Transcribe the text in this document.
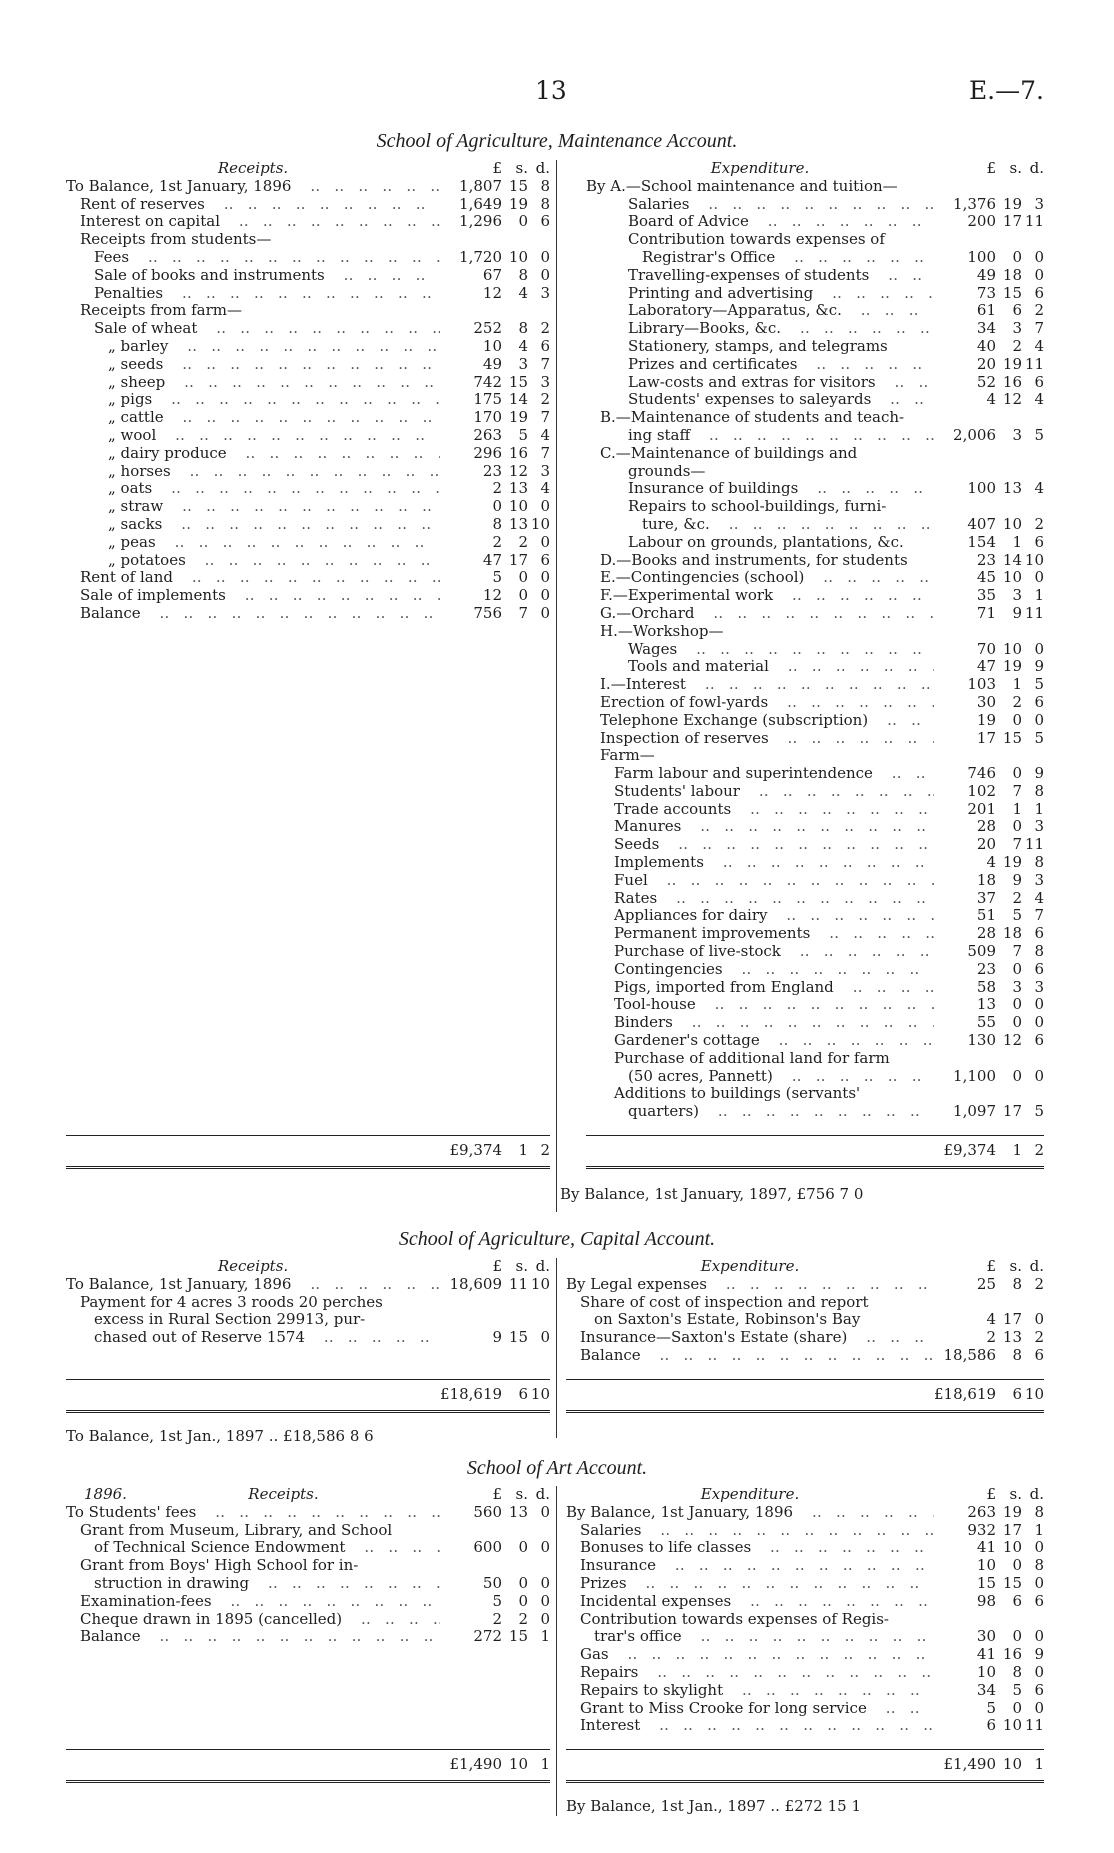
13	E.—7.
School of Agriculture, Maintenance Account.
Receipts.	£ s. d.
To Balance, 1st January, 1896 ‥‥‥‥‥‥‥‥‥‥‥‥‥‥‥	1,807 15 8
Rent of reserves ‥‥‥‥‥‥‥‥‥‥‥‥‥‥‥	1,649 19 8
Interest on capital ‥‥‥‥‥‥‥‥‥‥‥‥‥‥‥	1,296	0 6
Receipts from students—
Fees ‥‥‥‥‥‥‥‥‥‥‥‥‥‥‥	1,720 10 0
Sale of books and instruments ‥‥‥‥‥‥‥‥‥‥‥‥‥‥‥	67	8 0
Penalties ‥‥‥‥‥‥‥‥‥‥‥‥‥‥‥	12	4 3
Receipts from farm—
Sale of wheat ‥‥‥‥‥‥‥‥‥‥‥‥‥‥‥	252	8 2
„ barley ‥‥‥‥‥‥‥‥‥‥‥‥‥‥‥	10	4 6
„ seeds ‥‥‥‥‥‥‥‥‥‥‥‥‥‥‥	49	3 7
„ sheep ‥‥‥‥‥‥‥‥‥‥‥‥‥‥‥	742 15 3
„ pigs ‥‥‥‥‥‥‥‥‥‥‥‥‥‥‥	175 14 2
„ cattle ‥‥‥‥‥‥‥‥‥‥‥‥‥‥‥	170 19 7
„ wool ‥‥‥‥‥‥‥‥‥‥‥‥‥‥‥	263	5 4
„ dairy produce ‥‥‥‥‥‥‥‥‥‥‥‥‥‥‥	296 16 7
„ horses ‥‥‥‥‥‥‥‥‥‥‥‥‥‥‥	23 12 3
„ oats ‥‥‥‥‥‥‥‥‥‥‥‥‥‥‥	2 13 4
„ straw ‥‥‥‥‥‥‥‥‥‥‥‥‥‥‥	0 10 0
„ sacks ‥‥‥‥‥‥‥‥‥‥‥‥‥‥‥	8 13 10
„ peas ‥‥‥‥‥‥‥‥‥‥‥‥‥‥‥	2	2 0
„ potatoes ‥‥‥‥‥‥‥‥‥‥‥‥‥‥‥	47 17 6
Rent of land ‥‥‥‥‥‥‥‥‥‥‥‥‥‥‥	5	0 0
Sale of implements ‥‥‥‥‥‥‥‥‥‥‥‥‥‥‥	12	0 0
Balance ‥‥‥‥‥‥‥‥‥‥‥‥‥‥‥	756	7 0
£9,374	1 2
Expenditure.	£ s. d.
By A.—School maintenance and tuition—
Salaries ‥‥‥‥‥‥‥‥‥‥‥‥‥‥‥	1,376 19 3
Board of Advice ‥‥‥‥‥‥‥‥‥‥‥‥‥‥‥	200 17 11
Contribution towards expenses of
Registrar's Office ‥‥‥‥‥‥‥‥‥‥‥‥‥‥‥	100	0 0
Travelling-expenses of students ‥‥‥‥‥‥‥‥‥‥‥‥‥‥‥	49 18 0
Printing and advertising ‥‥‥‥‥‥‥‥‥‥‥‥‥‥‥	73 15 6
Laboratory—Apparatus, &c. ‥‥‥‥‥‥‥‥‥‥‥‥‥‥‥	61	6 2
Library—Books, &c. ‥‥‥‥‥‥‥‥‥‥‥‥‥‥‥	34	3 7
Stationery, stamps, and telegrams	40	2 4
Prizes and certificates ‥‥‥‥‥‥‥‥‥‥‥‥‥‥‥	20 19 11
Law-costs and extras for visitors ‥‥‥‥‥‥‥‥‥‥‥‥‥‥‥	52 16 6
Students' expenses to saleyards ‥‥‥‥‥‥‥‥‥‥‥‥‥‥‥	4 12 4
B.—Maintenance of students and teach-
ing staff ‥‥‥‥‥‥‥‥‥‥‥‥‥‥‥	2,006	3 5
C.—Maintenance of buildings and
grounds—
Insurance of buildings ‥‥‥‥‥‥‥‥‥‥‥‥‥‥‥	100 13 4
Repairs to school-buildings, furni-
ture, &c. ‥‥‥‥‥‥‥‥‥‥‥‥‥‥‥	407 10 2
Labour on grounds, plantations, &c.	154	1 6
D.—Books and instruments, for students	23 14 10
E.—Contingencies (school) ‥‥‥‥‥‥‥‥‥‥‥‥‥‥‥	45 10 0
F.—Experimental work ‥‥‥‥‥‥‥‥‥‥‥‥‥‥‥	35	3 1
G.—Orchard ‥‥‥‥‥‥‥‥‥‥‥‥‥‥‥	71	9 11
H.—Workshop—
Wages ‥‥‥‥‥‥‥‥‥‥‥‥‥‥‥	70 10 0
Tools and material ‥‥‥‥‥‥‥‥‥‥‥‥‥‥‥	47 19 9
I.—Interest ‥‥‥‥‥‥‥‥‥‥‥‥‥‥‥	103	1 5
Erection of fowl-yards ‥‥‥‥‥‥‥‥‥‥‥‥‥‥‥	30	2 6
Telephone Exchange (subscription) ‥‥‥‥‥‥‥‥‥‥‥‥‥‥‥	19	0 0
Inspection of reserves ‥‥‥‥‥‥‥‥‥‥‥‥‥‥‥	17 15 5
Farm—
Farm labour and superintendence ‥‥‥‥‥‥‥‥‥‥‥‥‥‥‥	746	0 9
Students' labour ‥‥‥‥‥‥‥‥‥‥‥‥‥‥‥	102	7 8
Trade accounts ‥‥‥‥‥‥‥‥‥‥‥‥‥‥‥	201	1 1
Manures ‥‥‥‥‥‥‥‥‥‥‥‥‥‥‥	28	0 3
Seeds ‥‥‥‥‥‥‥‥‥‥‥‥‥‥‥	20	7 11
Implements ‥‥‥‥‥‥‥‥‥‥‥‥‥‥‥	4 19 8
Fuel ‥‥‥‥‥‥‥‥‥‥‥‥‥‥‥	18	9 3
Rates ‥‥‥‥‥‥‥‥‥‥‥‥‥‥‥	37	2 4
Appliances for dairy ‥‥‥‥‥‥‥‥‥‥‥‥‥‥‥	51	5 7
Permanent improvements ‥‥‥‥‥‥‥‥‥‥‥‥‥‥‥	28 18 6
Purchase of live-stock ‥‥‥‥‥‥‥‥‥‥‥‥‥‥‥	509	7 8
Contingencies ‥‥‥‥‥‥‥‥‥‥‥‥‥‥‥	23	0 6
Pigs, imported from England ‥‥‥‥‥‥‥‥‥‥‥‥‥‥‥	58	3 3
Tool-house ‥‥‥‥‥‥‥‥‥‥‥‥‥‥‥	13	0 0
Binders ‥‥‥‥‥‥‥‥‥‥‥‥‥‥‥	55	0 0
Gardener's cottage ‥‥‥‥‥‥‥‥‥‥‥‥‥‥‥	130 12 6
Purchase of additional land for farm
(50 acres, Pannett) ‥‥‥‥‥‥‥‥‥‥‥‥‥‥‥	1,100	0 0
Additions to buildings (servants'
quarters) ‥‥‥‥‥‥‥‥‥‥‥‥‥‥‥	1,097 17 5
£9,374	1 2
School of Agriculture, Capital Account.
Receipts.	£ s. d.
To Balance, 1st January, 1896 ‥‥‥‥‥‥‥‥‥‥‥‥‥‥‥	18,609 11 10
Payment for 4 acres 3 roods 20 perches
excess in Rural Section 29913, pur-
chased out of Reserve 1574 ‥‥‥‥‥‥‥‥‥‥‥‥‥‥‥	9 15 0
£18,619	6 10
Expenditure.	£ s. d.
By Legal expenses ‥‥‥‥‥‥‥‥‥‥‥‥‥‥‥	25	8 2
Share of cost of inspection and report
on Saxton's Estate, Robinson's Bay	4 17 0
Insurance—Saxton's Estate (share) ‥‥‥‥‥‥‥‥‥‥‥‥‥‥‥	2 13 2
Balance ‥‥‥‥‥‥‥‥‥‥‥‥‥‥‥	18,586	8 6
£18,619	6 10
School of Art Account.
1896.	Receipts.	£ s. d.
To Students' fees ‥‥‥‥‥‥‥‥‥‥‥‥‥‥‥	560 13 0
Grant from Museum, Library, and School
of Technical Science Endowment ‥‥‥‥‥‥‥‥‥‥‥‥‥‥‥	600	0 0
Grant from Boys' High School for in-
struction in drawing ‥‥‥‥‥‥‥‥‥‥‥‥‥‥‥	50	0 0
Examination-fees ‥‥‥‥‥‥‥‥‥‥‥‥‥‥‥	5	0 0
Cheque drawn in 1895 (cancelled) ‥‥‥‥‥‥‥‥‥‥‥‥‥‥‥	2	2 0
Balance ‥‥‥‥‥‥‥‥‥‥‥‥‥‥‥	272 15 1
£1,490 10 1
Expenditure.	£ s. d.
By Balance, 1st January, 1896 ‥‥‥‥‥‥‥‥‥‥‥‥‥‥‥	263 19 8
Salaries ‥‥‥‥‥‥‥‥‥‥‥‥‥‥‥	932 17 1
Bonuses to life classes ‥‥‥‥‥‥‥‥‥‥‥‥‥‥‥	41 10 0
Insurance ‥‥‥‥‥‥‥‥‥‥‥‥‥‥‥	10	0 8
Prizes ‥‥‥‥‥‥‥‥‥‥‥‥‥‥‥	15 15 0
Incidental expenses ‥‥‥‥‥‥‥‥‥‥‥‥‥‥‥	98	6 6
Contribution towards expenses of Regis-
trar's office ‥‥‥‥‥‥‥‥‥‥‥‥‥‥‥	30	0 0
Gas ‥‥‥‥‥‥‥‥‥‥‥‥‥‥‥	41 16 9
Repairs ‥‥‥‥‥‥‥‥‥‥‥‥‥‥‥	10	8 0
Repairs to skylight ‥‥‥‥‥‥‥‥‥‥‥‥‥‥‥	34	5 6
Grant to Miss Crooke for long service ‥‥‥‥‥‥‥‥‥‥‥‥‥‥‥	5	0 0
Interest ‥‥‥‥‥‥‥‥‥‥‥‥‥‥‥	6 10 11
£1,490 10 1
By Balance, 1st January, 1897, £756 7 0
To Balance, 1st Jan., 1897 .. £18,586 8 6
By Balance, 1st Jan., 1897 .. £272 15 1
